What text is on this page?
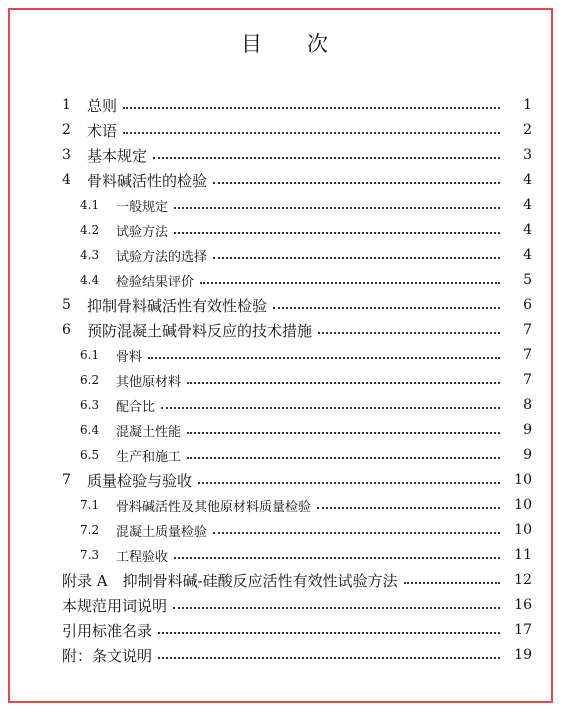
目　　次
1 总则	1
2 术语	2
3 基本规定	3
4 骨料碱活性的检验	4
4.1 一般规定	4
4.2 试验方法	4
4.3 试验方法的选择	4
4.4 检验结果评价	5
5 抑制骨料碱活性有效性检验	6
6 预防混凝土碱骨料反应的技术措施	7
6.1 骨料	7
6.2 其他原材料	7
6.3 配合比	8
6.4 混凝土性能	9
6.5 生产和施工	9
7 质量检验与验收	10
7.1 骨料碱活性及其他原材料质量检验	10
7.2 混凝土质量检验	10
7.3 工程验收	11
附录 A　抑制骨料碱-硅酸反应活性有效性试验方法	12
本规范用词说明	16
引用标准名录	17
附：条文说明	19
